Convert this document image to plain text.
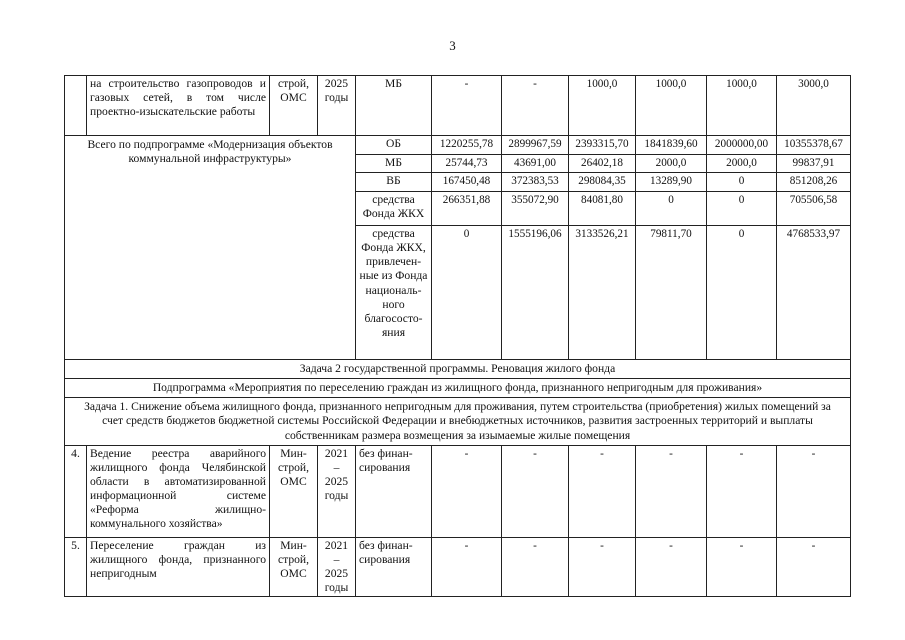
3
	на строительство газопроводов и газовых сетей, в том числе проектно-изыскательские работы	строй, ОМС	2025 годы	МБ	-	-	1000,0	1000,0	1000,0	3000,0
Всего по подпрограмме «Модернизация объектов коммунальной инфраструктуры»				ОБ	1220255,78	2899967,59	2393315,70	1841839,60	2000000,00	10355378,67
				МБ	25744,73	43691,00	26402,18	2000,0	2000,0	99837,91
				ВБ	167450,48	372383,53	298084,35	13289,90	0	851208,26
				средства Фонда ЖКХ	266351,88	355072,90	84081,80	0	0	705506,58
				средства Фонда ЖКХ, привлечен-ные из Фонда националь-ного благососто-яния	0	1555196,06	3133526,21	79811,70	0	4768533,97
Задача 2 государственной программы. Реновация жилого фонда										
Подпрограмма «Мероприятия по переселению граждан из жилищного фонда, признанного непригодным для проживания»										
Задача 1. Снижение объема жилищного фонда, признанного непригодным для проживания, путем строительства (приобретения) жилых помещений за счет средств бюджетов бюджетной системы Российской Федерации и внебюджетных источников, развития застроенных территорий и выплаты собственникам размера возмещения за изымаемые жилые помещения										
4.	Ведение реестра аварийного жилищного фонда Челябинской области в автоматизированной информационной системе «Реформа жилищно-коммунального хозяйства»	Мин-строй, ОМС	2021 – 2025 годы	без финан-сирования	-	-	-	-	-	-
5.	Переселение граждан из жилищного фонда, признанного непригодным	Мин-строй, ОМС	2021 – 2025 годы	без финан-сирования	-	-	-	-	-	-
